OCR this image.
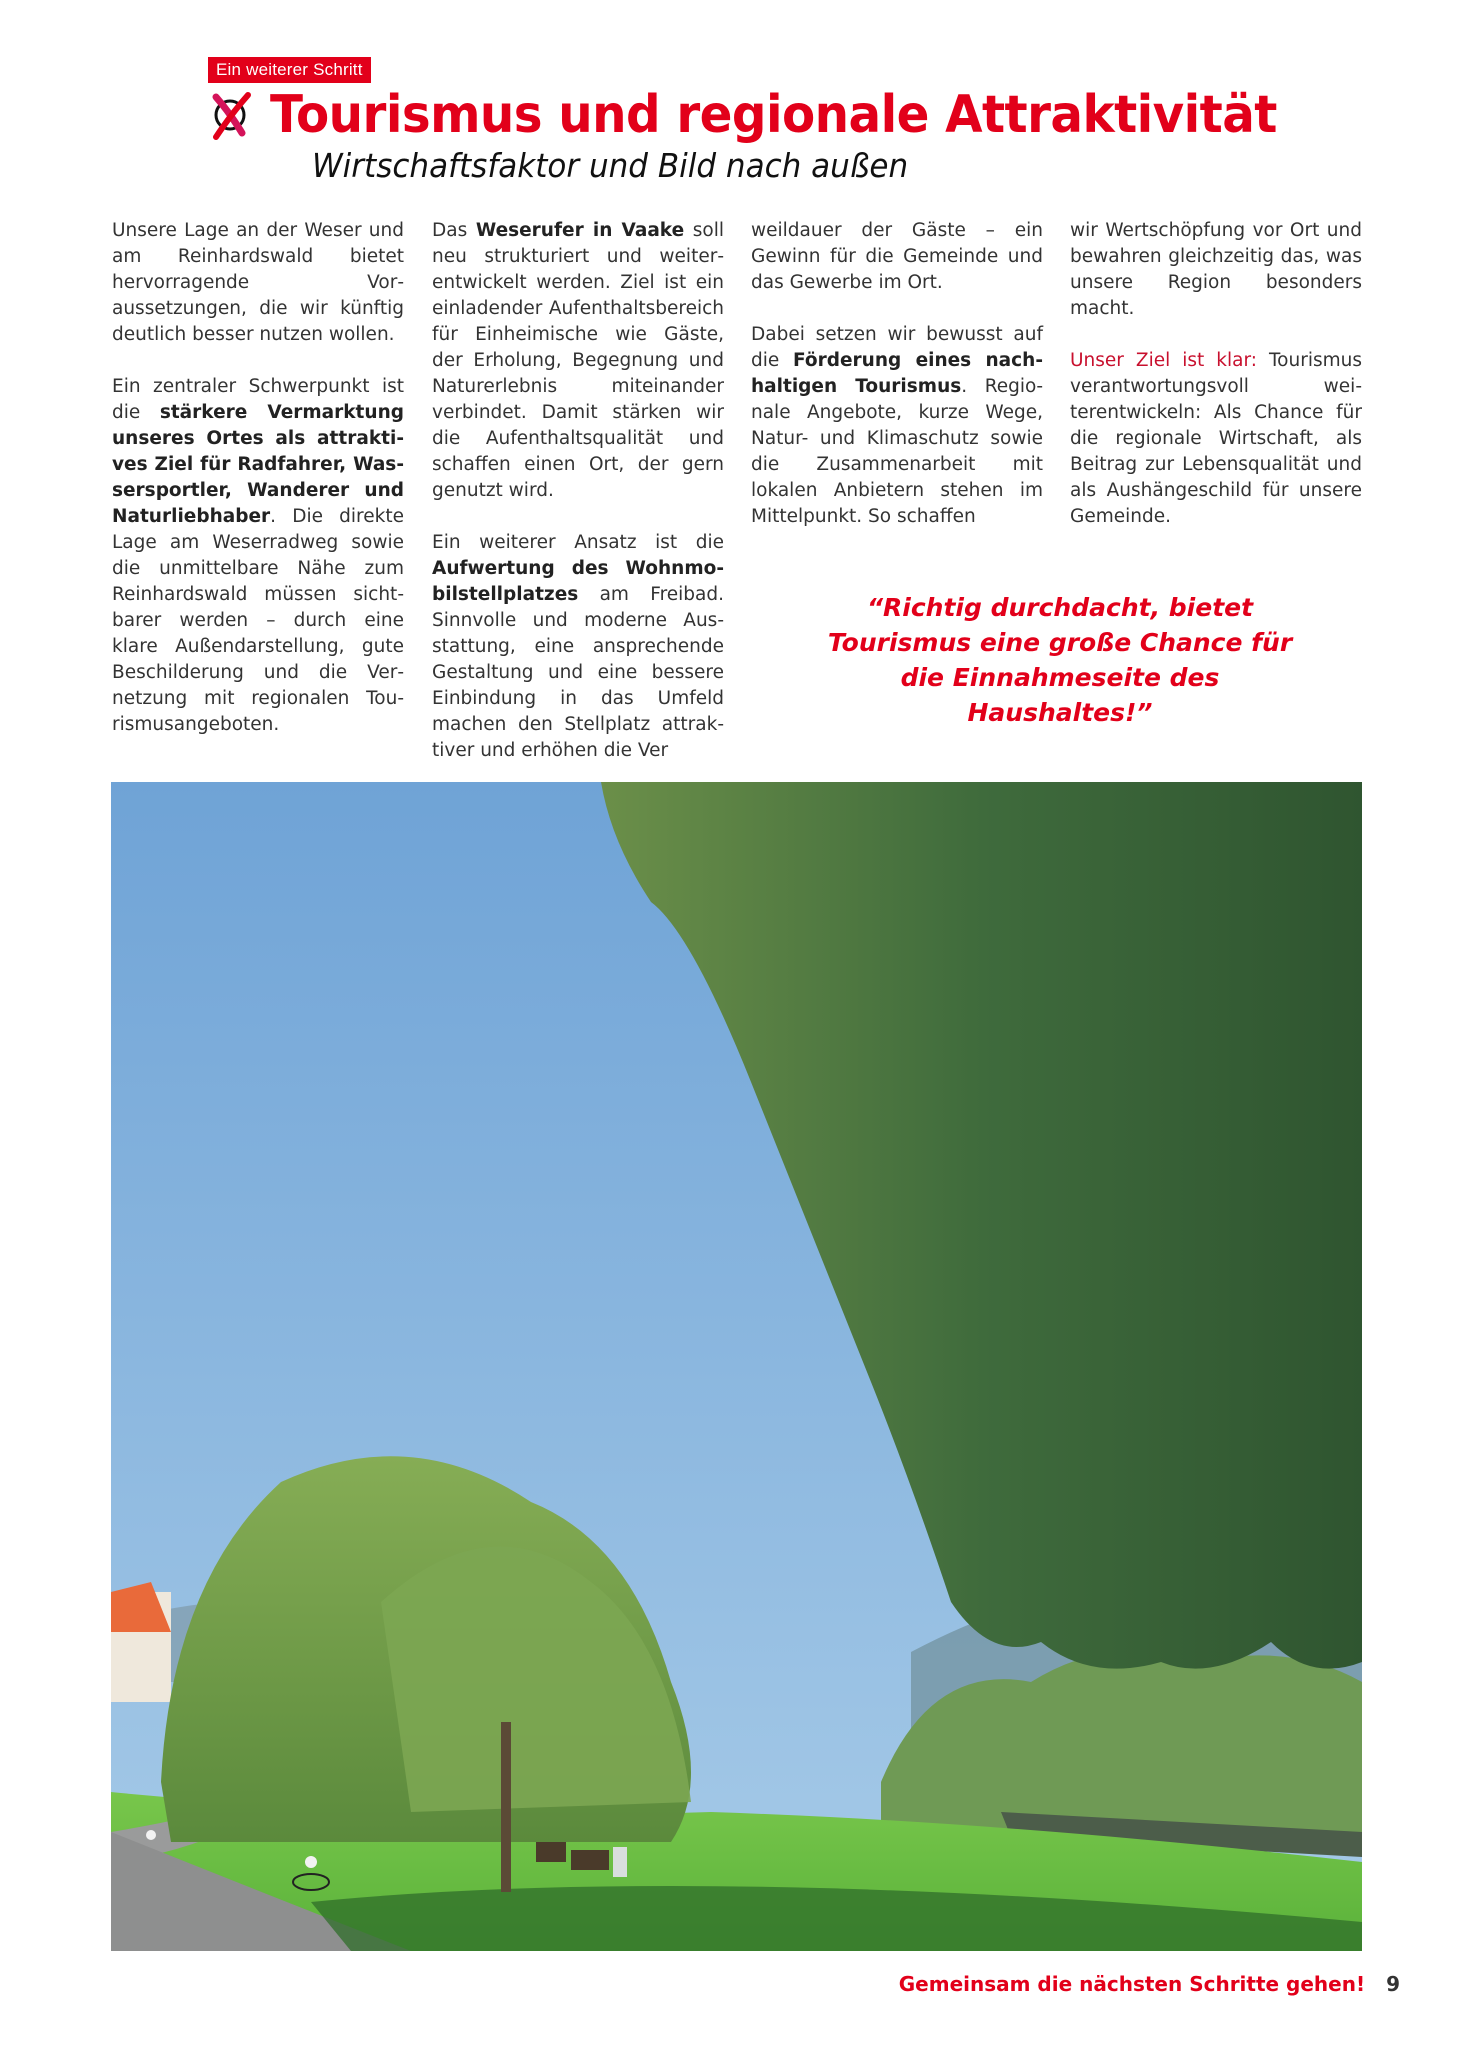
Ein weiterer Schritt
Tourismus und regionale Attraktivität
Wirtschaftsfaktor und Bild nach außen

Unsere Lage an der Weser und am Reinhardswald bietet hervorragende Voraussetzungen, die wir künftig deutlich besser nutzen wollen.

Ein zentraler Schwerpunkt ist die stärkere Vermarktung unseres Ortes als attraktives Ziel für Radfahrer, Wassersportler, Wanderer und Naturliebhaber. Die direkte Lage am Weserradweg sowie die unmittelbare Nähe zum Reinhardswald müssen sichtbarer werden – durch eine klare Außendarstellung, gute Beschilderung und die Vernetzung mit regionalen Tourismusangeboten.

Das Weserufer in Vaake soll neu strukturiert und weiterentwickelt werden. Ziel ist ein einladender Aufenthaltsbereich für Einheimische wie Gäste, der Erholung, Begegnung und Naturerlebnis miteinander verbindet. Damit stärken wir die Aufenthaltsqualität und schaffen einen Ort, der gern genutzt wird.

Ein weiterer Ansatz ist die Aufwertung des Wohnmobilstellplatzes am Freibad. Sinnvolle und moderne Ausstattung, eine ansprechende Gestaltung und eine bessere Einbindung in das Umfeld machen den Stellplatz attraktiver und erhöhen die Ver

weildauer der Gäste – ein Gewinn für die Gemeinde und das Gewerbe im Ort.

Dabei setzen wir bewusst auf die Förderung eines nachhaltigen Tourismus. Regionale Angebote, kurze Wege, Natur- und Klimaschutz sowie die Zusammenarbeit mit lokalen Anbietern stehen im Mittelpunkt. So schaffen

wir Wertschöpfung vor Ort und bewahren gleichzeitig das, was unsere Region besonders macht.

Unser Ziel ist klar: Tourismus verantwortungsvoll weiterentwickeln: Als Chance für die regionale Wirtschaft, als Beitrag zur Lebensqualität und als Aushängeschild für unsere Gemeinde.

“Richtig durchdacht, bietet Tourismus eine große Chance für die Einnahmeseite des Haushaltes!”
Gemeinsam die nächsten Schritte gehen! 9
